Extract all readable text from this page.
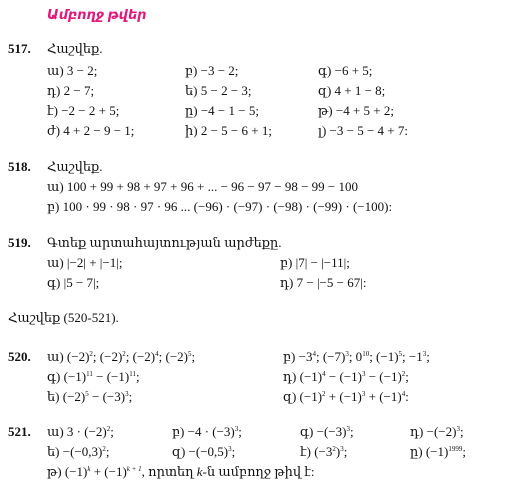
Ամբողջ թվեր
517. Հաշվեք.
ա) 3 − 2;	բ) −3 − 2;	գ) −6 + 5;
դ) 2 − 7;	ե) 5 − 2 − 3;	զ) 4 + 1 − 8;
է) −2 − 2 + 5;	ը) −4 − 1 − 5;	թ) −4 + 5 + 2;
ժ) 4 + 2 − 9 − 1;	ի) 2 − 5 − 6 + 1;	լ) −3 − 5 − 4 + 7:
518. Հաշվեք.
ա) 100 + 99 + 98 + 97 + 96 + ... − 96 − 97 − 98 − 99 − 100
բ) 100 · 99 · 98 · 97 · 96 ... (−96) · (−97) · (−98) · (−99) · (−100):
519. Գտեք արտահայտության արժեքը.
ա) |−2| + |−1|;	բ) |7| − |−11|;
գ) |5 − 7|;	դ) 7 − |−5 − 67|:
Հաշվեք (520-521).
520. ա) $(-2)^2$; $(-2)^2$; $(-2)^4$; $(-2)^5$;	բ) $-3^4$; $(-7)^3$; $0^{10}$; $(-1)^5$; $-1^3$;
գ) $(-1)^{11} - (-1)^{11}$;	դ) $(-1)^4 - (-1)^3 - (-1)^2$;
ե) $(-2)^5 - (-3)^3$;	զ) $(-1)^2 + (-1)^3 + (-1)^4$:
521. ա) $3 \cdot (-2)^2$;	բ) $-4 \cdot (-3)^3$;	գ) $-(-3)^3$;	դ) $-(-2)^3$;
ե) $-(-0,3)^2$;	զ) $-(-0,5)^3$;	է) $(-3^2)^3$;	ը) $(-1)^{1999}$;
թ) $(-1)^k + (-1)^{k + 1}$, որտեղ k-ն ամբողջ թիվ է:
